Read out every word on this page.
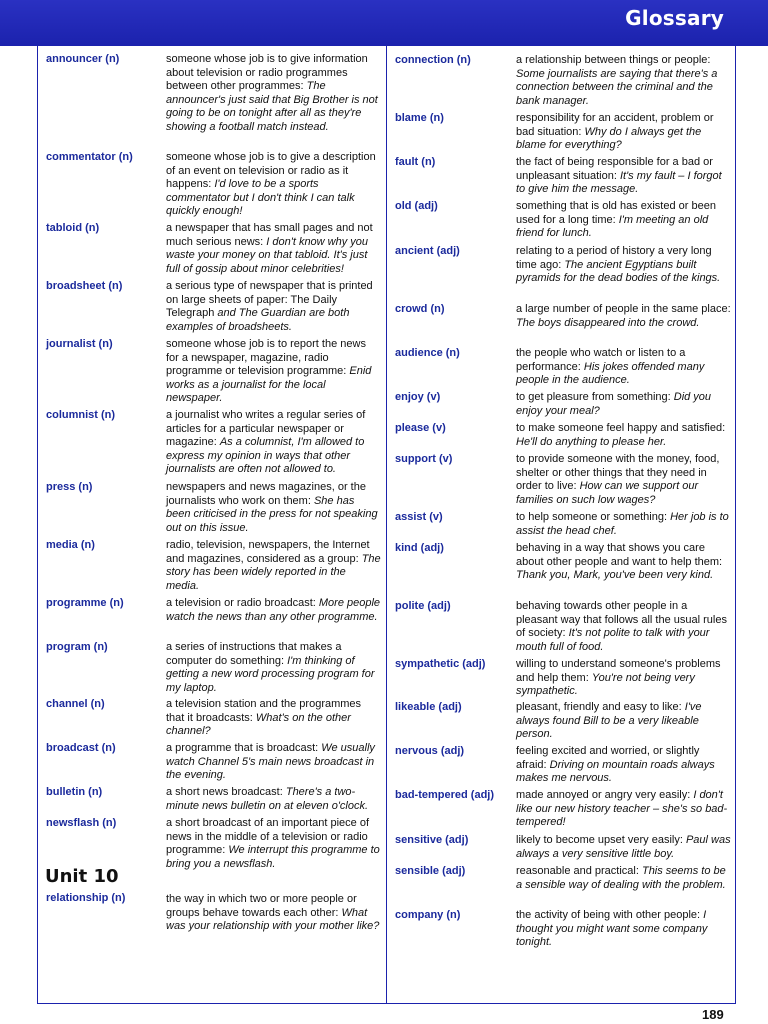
Glossary
announcer (n)	someone whose job is to give information about television or radio programmes between other programmes: The announcer's just said that Big Brother is not going to be on tonight after all as they're showing a football match instead.
commentator (n)	someone whose job is to give a description of an event on television or radio as it happens: I'd love to be a sports commentator but I don't think I can talk quickly enough!
tabloid (n)	a newspaper that has small pages and not much serious news: I don't know why you waste your money on that tabloid. It's just full of gossip about minor celebrities!
broadsheet (n)	a serious type of newspaper that is printed on large sheets of paper: The Daily Telegraph and The Guardian are both examples of broadsheets.
journalist (n)	someone whose job is to report the news for a newspaper, magazine, radio programme or television programme: Enid works as a journalist for the local newspaper.
columnist (n)	a journalist who writes a regular series of articles for a particular newspaper or magazine: As a columnist, I'm allowed to express my opinion in ways that other journalists are often not allowed to.
press (n)	newspapers and news magazines, or the journalists who work on them: She has been criticised in the press for not speaking out on this issue.
media (n)	radio, television, newspapers, the Internet and magazines, considered as a group: The story has been widely reported in the media.
programme (n)	a television or radio broadcast: More people watch the news than any other programme.
program (n)	a series of instructions that makes a computer do something: I'm thinking of getting a new word processing program for my laptop.
channel (n)	a television station and the programmes that it broadcasts: What's on the other channel?
broadcast (n)	a programme that is broadcast: We usually watch Channel 5's main news broadcast in the evening.
bulletin (n)	a short news broadcast: There's a two-minute news bulletin on at eleven o'clock.
newsflash (n)	a short broadcast of an important piece of news in the middle of a television or radio programme: We interrupt this programme to bring you a newsflash.
Unit 10
relationship (n)	the way in which two or more people or groups behave towards each other: What was your relationship with your mother like?
connection (n)	a relationship between things or people: Some journalists are saying that there's a connection between the criminal and the bank manager.
blame (n)	responsibility for an accident, problem or bad situation: Why do I always get the blame for everything?
fault (n)	the fact of being responsible for a bad or unpleasant situation: It's my fault – I forgot to give him the message.
old (adj)	something that is old has existed or been used for a long time: I'm meeting an old friend for lunch.
ancient (adj)	relating to a period of history a very long time ago: The ancient Egyptians built pyramids for the dead bodies of the kings.
crowd (n)	a large number of people in the same place: The boys disappeared into the crowd.
audience (n)	the people who watch or listen to a performance: His jokes offended many people in the audience.
enjoy (v)	to get pleasure from something: Did you enjoy your meal?
please (v)	to make someone feel happy and satisfied: He'll do anything to please her.
support (v)	to provide someone with the money, food, shelter or other things that they need in order to live: How can we support our families on such low wages?
assist (v)	to help someone or something: Her job is to assist the head chef.
kind (adj)	behaving in a way that shows you care about other people and want to help them: Thank you, Mark, you've been very kind.
polite (adj)	behaving towards other people in a pleasant way that follows all the usual rules of society: It's not polite to talk with your mouth full of food.
sympathetic (adj)	willing to understand someone's problems and help them: You're not being very sympathetic.
likeable (adj)	pleasant, friendly and easy to like: I've always found Bill to be a very likeable person.
nervous (adj)	feeling excited and worried, or slightly afraid: Driving on mountain roads always makes me nervous.
bad-tempered (adj) made annoyed or angry very easily: I don't like our new history teacher – she's so bad-tempered!
sensitive (adj)	likely to become upset very easily: Paul was always a very sensitive little boy.
sensible (adj)	reasonable and practical: This seems to be a sensible way of dealing with the problem.
company (n)	the activity of being with other people: I thought you might want some company tonight.
189
